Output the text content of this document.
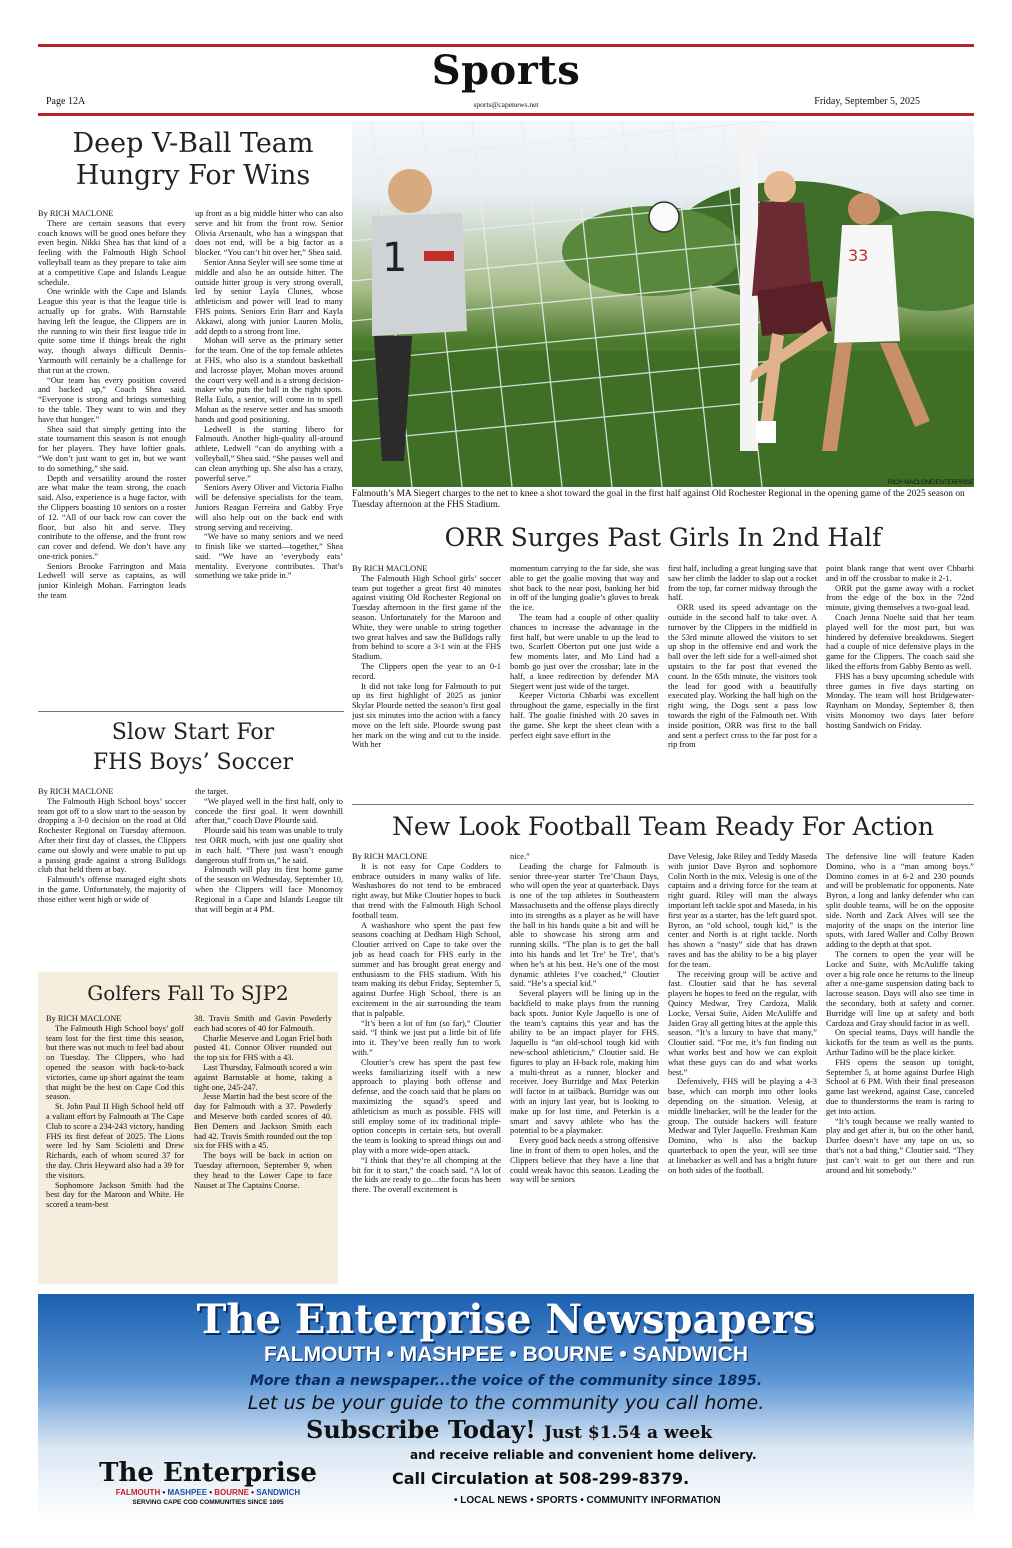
Sports
Page 12A	sports@capenews.net	Friday, September 5, 2025
Deep V-Ball Team
Hungry For Wins

By RICH MACLONE

There are certain seasons that every coach knows will be good ones before they even begin. Nikki Shea has that kind of a feeling with the Falmouth High School volleyball team as they prepare to take aim at a competitive Cape and Islands League schedule.

One wrinkle with the Cape and Islands League this year is that the league title is actually up for grabs. With Barnstable having left the league, the Clippers are in the running to win their first league title in quite some time if things break the right way, though always difficult Dennis-Yarmouth will certainly be a challenge for that run at the crown.

“Our team has every position covered and backed up,” Coach Shea said. “Everyone is strong and brings something to the table. They want to win and they have that hunger.”

Shea said that simply getting into the state tournament this season is not enough for her players. They have loftier goals. “We don’t just want to get in, but we want to do something,” she said.

Depth and versatility around the roster are what make the team strong, the coach said. Also, experience is a huge factor, with the Clippers boasting 10 seniors on a roster of 12. “All of our back row can cover the floor, but also hit and serve. They contribute to the offense, and the front row can cover and defend. We don’t have any one-trick ponies.”

Seniors Brooke Farrington and Maia Ledwell will serve as captains, as will junior Kinleigh Mohan. Farrington leads the team

up front as a big middle hitter who can also serve and hit from the front row. Senior Olivia Arsenault, who has a wingspan that does not end, will be a big factor as a blocker. “You can’t hit over her,” Shea said.

Senior Anna Seyler will see some time at middle and also be an outside hitter. The outside hitter group is very strong overall, led by senior Layla Clunes, whose athleticism and power will lead to many FHS points. Seniors Erin Barr and Kayla Akkawi, along with junior Lauren Molis, add depth to a strong front line.

Mohan will serve as the primary setter for the team. One of the top female athletes at FHS, who also is a standout basketball and lacrosse player, Mohan moves around the court very well and is a strong decision-maker who puts the ball in the right spots. Bella Eulo, a senior, will come in to spell Mohan as the reserve setter and has smooth hands and good positioning.

Ledwell is the starting libero for Falmouth. Another high-quality all-around athlete, Ledwell “can do anything with a volleyball,” Shea said. “She passes well and can clean anything up. She also has a crazy, powerful serve.”

Seniors Avery Oliver and Victoria Fialho will be defensive specialists for the team. Juniors Reagan Ferreira and Gabby Frye will also help out on the back end with strong serving and receiving.

“We have so many seniors and we need to finish like we started—together,” Shea said. “We have an ‘everybody eats’ mentality. Everyone contributes. That’s something we take pride in.”

Slow Start For
FHS Boys’ Soccer

By RICH MACLONE

The Falmouth High School boys’ soccer team got off to a slow start to the season by dropping a 3-0 decision on the road at Old Rochester Regional on Tuesday afternoon. After their first day of classes, the Clippers came out slowly and were unable to put up a passing grade against a strong Bulldogs club that held them at bay.

Falmouth’s offense managed eight shots in the game. Unfortunately, the majority of those either went high or wide of

the target.

“We played well in the first half, only to concede the first goal. It went downhill after that,” coach Dave Plourde said.

Plourde said his team was unable to truly test ORR much, with just one quality shot in each half. “There just wasn’t enough dangerous stuff from us,” he said.

Falmouth will play its first home game of the season on Wednesday, September 10, when the Clippers will face Monomoy Regional in a Cape and Islands League tilt that will begin at 4 PM.

Golfers Fall To SJP2

By RICH MACLONE

The Falmouth High School boys’ golf team lost for the first time this season, but there was not much to feel bad about on Tuesday. The Clippers, who had opened the season with back-to-back victories, came up short against the team that might be the best on Cape Cod this season.

St. John Paul II High School held off a valiant effort by Falmouth at The Cape Club to score a 234-243 victory, handing FHS its first defeat of 2025. The Lions were led by Sam Scioletti and Drew Richards, each of whom scored 37 for the day. Chris Heyward also had a 39 for the visitors.

Sophomore Jackson Smith had the best day for the Maroon and White. He scored a team-best

38. Travis Smith and Gavin Powderly each had scores of 40 for Falmouth.

Charlie Meserve and Logan Friel both posted 41. Connor Oliver rounded out the top six for FHS with a 43.

Last Thursday, Falmouth scored a win against Barnstable at home, taking a tight one, 245-247.

Jesse Martin had the best score of the day for Falmouth with a 37. Powderly and Meserve both carded scores of 40. Ben Demers and Jackson Smith each had 42. Travis Smith rounded out the top six for FHS with a 45.

The boys will be back in action on Tuesday afternoon, September 9, when they head to the Lower Cape to face Nauset at The Captains Course.

1	33
RICH MACLONE/ENTERPRISE
Falmouth’s MA Siegert charges to the net to knee a shot toward the goal in the first half against Old Rochester Regional in the opening game of the 2025 season on Tuesday afternoon at the FHS Stadium.
ORR Surges Past Girls In 2nd Half

By RICH MACLONE

The Falmouth High School girls’ soccer team put together a great first 40 minutes against visiting Old Rochester Regional on Tuesday afternoon in the first game of the season. Unfortunately for the Maroon and White, they were unable to string together two great halves and saw the Bulldogs rally from behind to score a 3-1 win at the FHS Stadium.

The Clippers open the year to an 0-1 record.

It did not take long for Falmouth to put up its first highlight of 2025 as junior Skylar Plourde netted the season’s first goal just six minutes into the action with a fancy move on the left side. Plourde swung past her mark on the wing and cut to the inside. With her

momentum carrying to the far side, she was able to get the goalie moving that way and shot back to the near post, banking her bid in off of the lunging goalie’s gloves to break the ice.

The team had a couple of other quality chances to increase the advantage in the first half, but were unable to up the lead to two. Scarlett Oberton put one just wide a few moments later, and Mo Lind had a bomb go just over the crossbar; late in the half, a knee redirection by defender MA Siegert went just wide of the target.

Keeper Victoria Chbarbi was excellent throughout the game, especially in the first half. The goalie finished with 20 saves in the game. She kept the sheet clean with a perfect eight save effort in the

first half, including a great lunging save that saw her climb the ladder to slap out a rocket from the top, far corner midway through the half.

ORR used its speed advantage on the outside in the second half to take over. A turnover by the Clippers in the midfield in the 53rd minute allowed the visitors to set up shop in the offensive end and work the ball over the left side for a well-aimed shot upstairs to the far post that evened the count. In the 65th minute, the visitors took the lead for good with a beautifully executed play. Working the ball high on the right wing, the Dogs sent a pass low towards the right of the Falmouth net. With inside position, ORR was first to the ball and sent a perfect cross to the far post for a rip from

point blank range that went over Chbarbi and in off the crossbar to make it 2-1.

ORR put the game away with a rocket from the edge of the box in the 72nd minute, giving themselves a two-goal lead.

Coach Jenna Noelte said that her team played well for the most part, but was hindered by defensive breakdowns. Siegert had a couple of nice defensive plays in the game for the Clippers. The coach said she liked the efforts from Gabby Bento as well.

FHS has a busy upcoming schedule with three games in five days starting on Monday. The team will host Bridgewater-Raynham on Monday, September 8, then visits Monomoy two days later before hosting Sandwich on Friday.

New Look Football Team Ready For Action

By RICH MACLONE

It is not easy for Cape Codders to embrace outsiders in many walks of life. Washashores do not tend to be embraced right away, but Mike Cloutier hopes to buck that trend with the Falmouth High School football team.

A washashore who spent the past few seasons coaching at Dedham High School, Cloutier arrived on Cape to take over the job as head coach for FHS early in the summer and has brought great energy and enthusiasm to the FHS stadium. With his team making its debut Friday, September 5, against Durfee High School, there is an excitement in the air surrounding the team that is palpable.

“It’s been a lot of fun (so far),” Cloutier said. “I think we just put a little bit of life into it. They’ve been really fun to work with.”

Cloutier’s crew has spent the past few weeks familiarizing itself with a new approach to playing both offense and defense, and the coach said that he plans on maximizing the squad’s speed and athleticism as much as possible. FHS will still employ some of its traditional triple-option concepts in certain sets, but overall the team is looking to spread things out and play with a more wide-open attack.

“I think that they’re all chomping at the bit for it to start,” the coach said. “A lot of the kids are ready to go…the focus has been there. The overall excitement is

nice.”

Leading the charge for Falmouth is senior three-year starter Tre’Chaun Days, who will open the year at quarterback. Days is one of the top athletes in Southeastern Massachusetts and the offense plays directly into its strengths as a player as he will have the ball in his hands quite a bit and will be able to showcase his strong arm and running skills. “The plan is to get the ball into his hands and let Tre’ be Tre’, that’s when he’s at his best. He’s one of the most dynamic athletes I’ve coached,” Cloutier said. “He’s a special kid.”

Several players will be lining up in the backfield to make plays from the running back spots. Junior Kyle Jaquello is one of the team’s captains this year and has the ability to be an impact player for FHS. Jaquello is “an old-school tough kid with new-school athleticism,” Cloutier said. He figures to play an H-back role, making him a multi-threat as a runner, blocker and receiver. Joey Burridge and Max Peterkin will factor in at tailback. Burridge was out with an injury last year, but is looking to make up for lost time, and Peterkin is a smart and savvy athlete who has the potential to be a playmaker.

Every good back needs a strong offensive line in front of them to open holes, and the Clippers believe that they have a line that could wreak havoc this season. Leading the way will be seniors

Dave Velesig, Jake Riley and Teddy Maseda with junior Dave Byron and sophomore Colin North in the mix. Velesig is one of the captains and a driving force for the team at right guard. Riley will man the always important left tackle spot and Maseda, in his first year as a starter, has the left guard spot. Byron, an “old school, tough kid,” is the center and North is at right tackle. North has shown a “nasty” side that has drawn raves and has the ability to be a big player for the team.

The receiving group will be active and fast. Cloutier said that he has several players he hopes to feed on the regular, with Quincy Medwar, Trey Cardoza, Malik Locke, Versai Suite, Aiden McAuliffe and Jaiden Gray all getting bites at the apple this season. “It’s a luxury to have that many,” Cloutier said. “For me, it’s fun finding out what works best and how we can exploit what these guys can do and what works best.”

Defensively, FHS will be playing a 4-3 base, which can morph into other looks depending on the situation. Velesig, at middle linebacker, will be the leader for the group. The outside backers will feature Medwar and Tyler Jaquello. Freshman Kam Domino, who is also the backup quarterback to open the year, will see time at linebacker as well and has a bright future on both sides of the football.

The defensive line will feature Kaden Domino, who is a “man among boys.” Domino comes in at 6-2 and 230 pounds and will be problematic for opponents. Nate Byron, a long and lanky defender who can split double teams, will be on the opposite side. North and Zack Alves will see the majority of the snaps on the interior line spots, with Jared Waller and Colby Brown adding to the depth at that spot.

The corners to open the year will be Locke and Suite, with McAuliffe taking over a big role once he returns to the lineup after a one-game suspension dating back to lacrosse season. Days will also see time in the secondary, both at safety and corner. Burridge will line up at safety and both Cardoza and Gray should factor in as well.

On special teams, Days will handle the kickoffs for the team as well as the punts. Arthur Tadino will be the place kicker.

FHS opens the season up tonight, September 5, at home against Durfee High School at 6 PM. With their final preseason game last weekend, against Case, canceled due to thunderstorms the team is raring to get into action.

“It’s tough because we really wanted to play and get after it, but on the other hand, Durfee doesn’t have any tape on us, so that’s not a bad thing,” Cloutier said. “They just can’t wait to get out there and run around and hit somebody.”

The Enterprise Newspapers
FALMOUTH • MASHPEE • BOURNE • SANDWICH
More than a newspaper...the voice of the community since 1895.
Let us be your guide to the community you call home.
Subscribe Today! Just $1.54 a week
and receive reliable and convenient home delivery.
Call Circulation at 508-299-8379.
• LOCAL NEWS • SPORTS • COMMUNITY INFORMATION
The Enterprise
FALMOUTH • MASHPEE • BOURNE • SANDWICH
SERVING CAPE COD COMMUNITIES SINCE 1895
